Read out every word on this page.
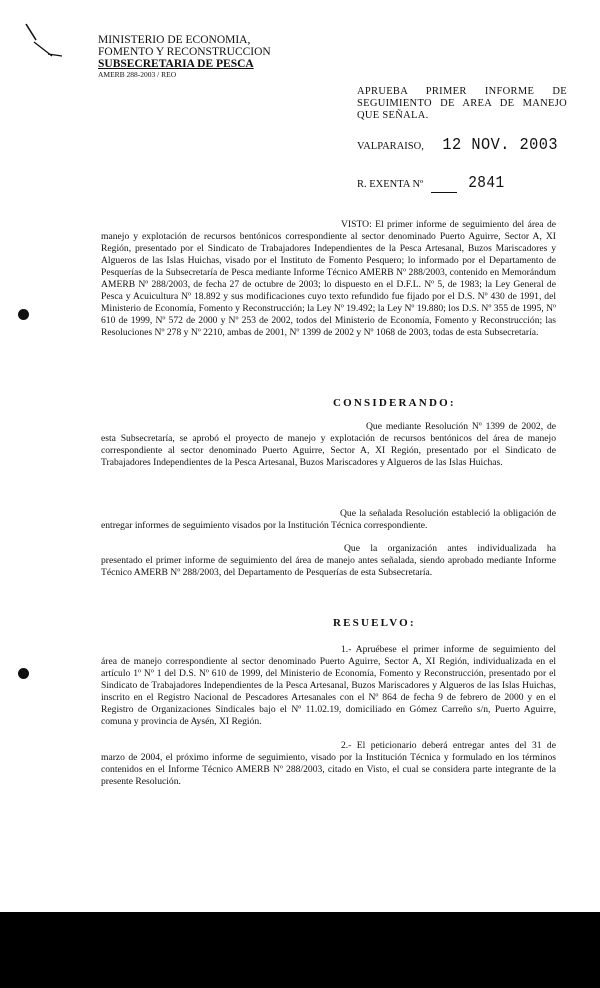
MINISTERIO DE ECONOMIA,
FOMENTO Y RECONSTRUCCION
SUBSECRETARIA DE PESCA
AMERB 288-2003 / REO
APRUEBA PRIMER INFORME DE SEGUIMIENTO DE AREA DE MANEJO QUE SEÑALA.
VALPARAISO, 12 NOV. 2003
R. EXENTA Nº	2841
VISTO: El primer informe de seguimiento del área de manejo y explotación de recursos bentónicos correspondiente al sector denominado Puerto Aguirre, Sector A, XI Región, presentado por el Sindicato de Trabajadores Independientes de la Pesca Artesanal, Buzos Mariscadores y Algueros de las Islas Huichas, visado por el Instituto de Fomento Pesquero; lo informado por el Departamento de Pesquerías de la Subsecretaría de Pesca mediante Informe Técnico AMERB Nº 288/2003, contenido en Memorándum AMERB Nº 288/2003, de fecha 27 de octubre de 2003; lo dispuesto en el D.F.L. Nº 5, de 1983; la Ley General de Pesca y Acuicultura Nº 18.892 y sus modificaciones cuyo texto refundido fue fijado por el D.S. Nº 430 de 1991, del Ministerio de Economía, Fomento y Reconstrucción; la Ley Nº 19.492; la Ley Nº 19.880; los D.S. Nº 355 de 1995, Nº 610 de 1999, Nº 572 de 2000 y Nº 253 de 2002, todos del Ministerio de Economía, Fomento y Reconstrucción; las Resoluciones Nº 278 y Nº 2210, ambas de 2001, Nº 1399 de 2002 y Nº 1068 de 2003, todas de esta Subsecretaría.
CONSIDERANDO:
Que mediante Resolución Nº 1399 de 2002, de esta Subsecretaría, se aprobó el proyecto de manejo y explotación de recursos bentónicos del área de manejo correspondiente al sector denominado Puerto Aguirre, Sector A, XI Región, presentado por el Sindicato de Trabajadores Independientes de la Pesca Artesanal, Buzos Mariscadores y Algueros de las Islas Huichas.
Que la señalada Resolución estableció la obligación de entregar informes de seguimiento visados por la Institución Técnica correspondiente.
Que la organización antes individualizada ha presentado el primer informe de seguimiento del área de manejo antes señalada, siendo aprobado mediante Informe Técnico AMERB Nº 288/2003, del Departamento de Pesquerías de esta Subsecretaría.
RESUELVO:
1.- Apruébese el primer informe de seguimiento del área de manejo correspondiente al sector denominado Puerto Aguirre, Sector A, XI Región, individualizada en el artículo 1º Nº 1 del D.S. Nº 610 de 1999, del Ministerio de Economía, Fomento y Reconstrucción, presentado por el Sindicato de Trabajadores Independientes de la Pesca Artesanal, Buzos Mariscadores y Algueros de las Islas Huichas, inscrito en el Registro Nacional de Pescadores Artesanales con el Nº 864 de fecha 9 de febrero de 2000 y en el Registro de Organizaciones Sindicales bajo el Nº 11.02.19, domiciliado en Gómez Carreño s/n, Puerto Aguirre, comuna y provincia de Aysén, XI Región.
2.- El peticionario deberá entregar antes del 31 de marzo de 2004, el próximo informe de seguimiento, visado por la Institución Técnica y formulado en los términos contenidos en el Informe Técnico AMERB Nº 288/2003, citado en Visto, el cual se considera parte integrante de la presente Resolución.
